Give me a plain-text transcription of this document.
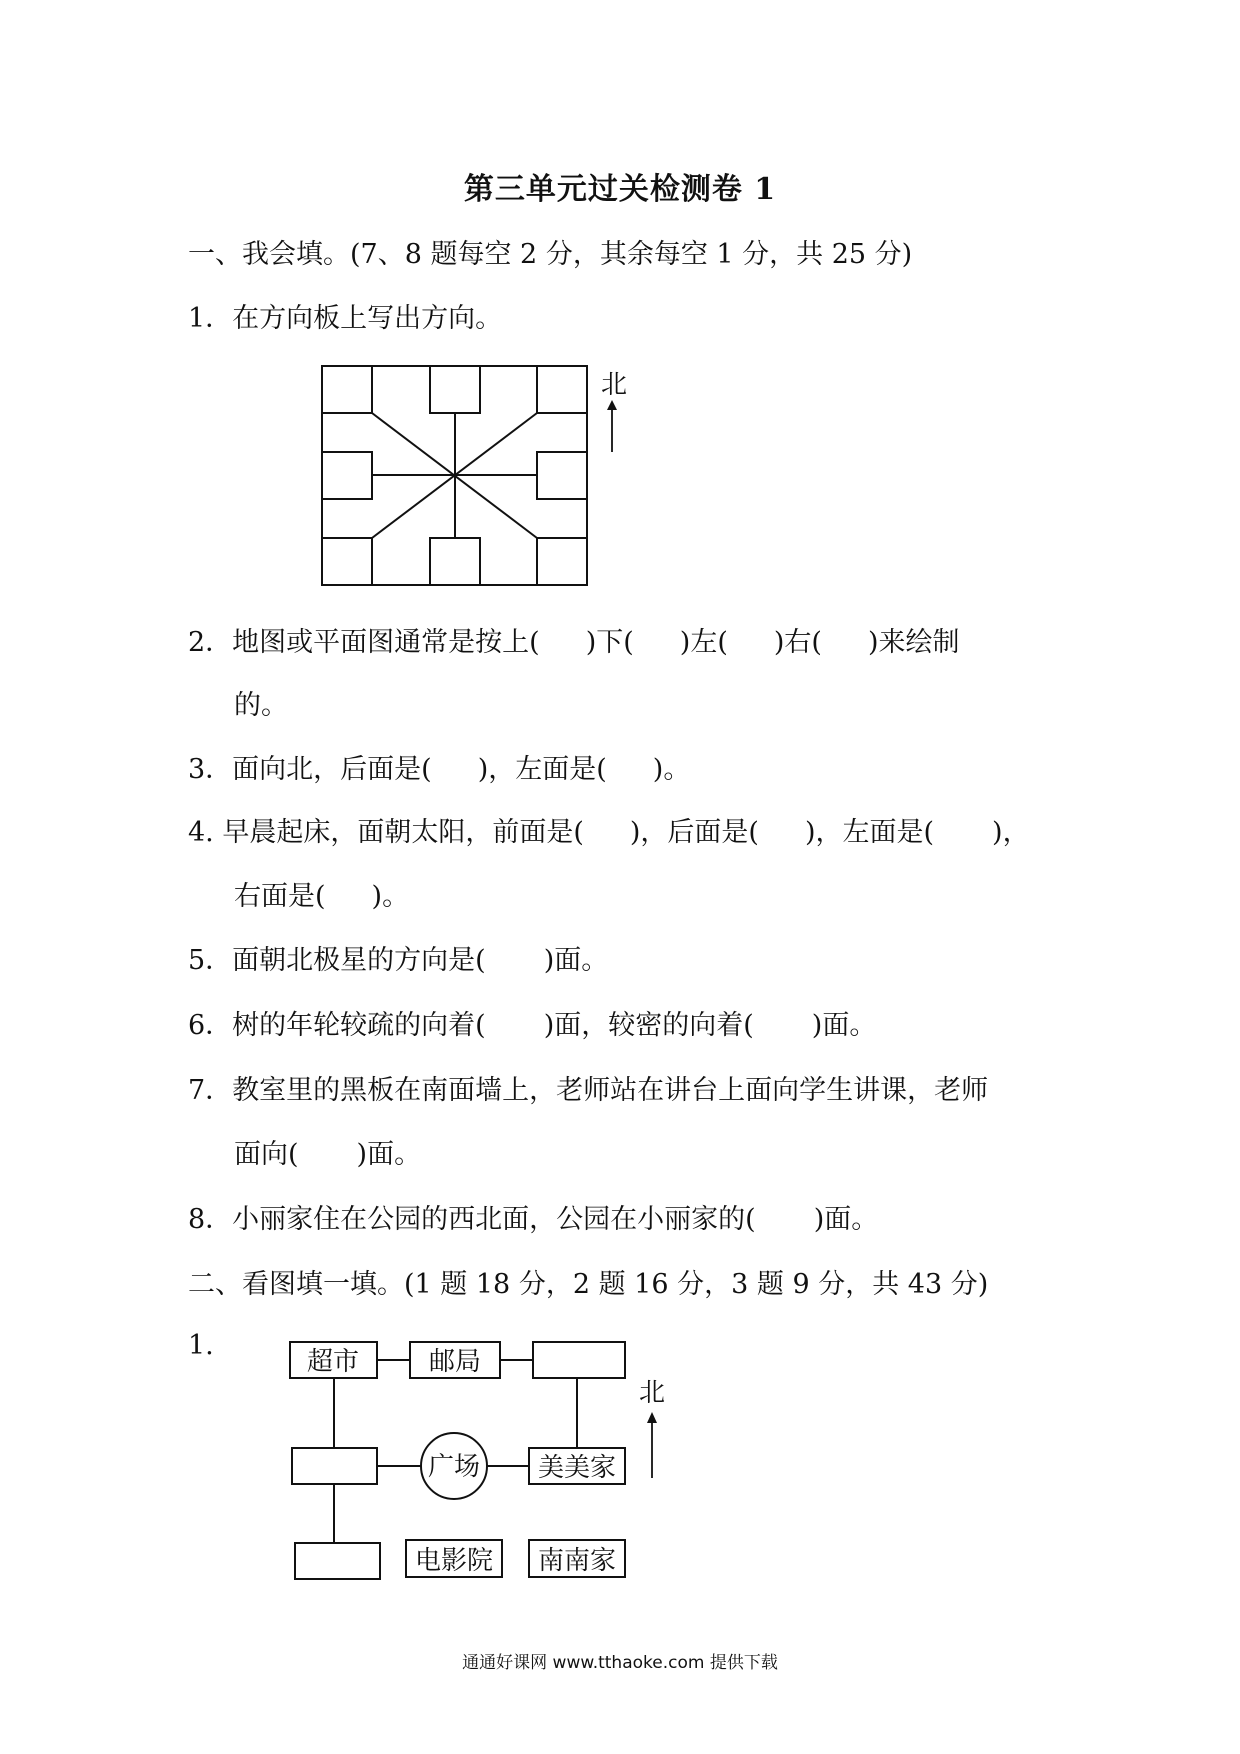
第三单元过关检测卷 1
一、我会填。(7、8 题每空 2 分，其余每空 1 分，共 25 分)
1．在方向板上写出方向。
北
2．地图或平面图通常是按上( )下( )左( )右( )来绘制
的。
3．面向北，后面是( )，左面是( )。
4. 早晨起床，面朝太阳，前面是( )，后面是( )，左面是( )，
右面是( )。
5．面朝北极星的方向是( )面。
6．树的年轮较疏的向着( )面，较密的向着( )面。
7．教室里的黑板在南面墙上，老师站在讲台上面向学生讲课，老师
面向( )面。
8．小丽家住在公园的西北面，公园在小丽家的( )面。
二、看图填一填。(1 题 18 分，2 题 16 分，3 题 9 分，共 43 分)
1.
超市	邮局
广场 美美家
电影院 南南家
北
通通好课网 www.tthaoke.com 提供下载
